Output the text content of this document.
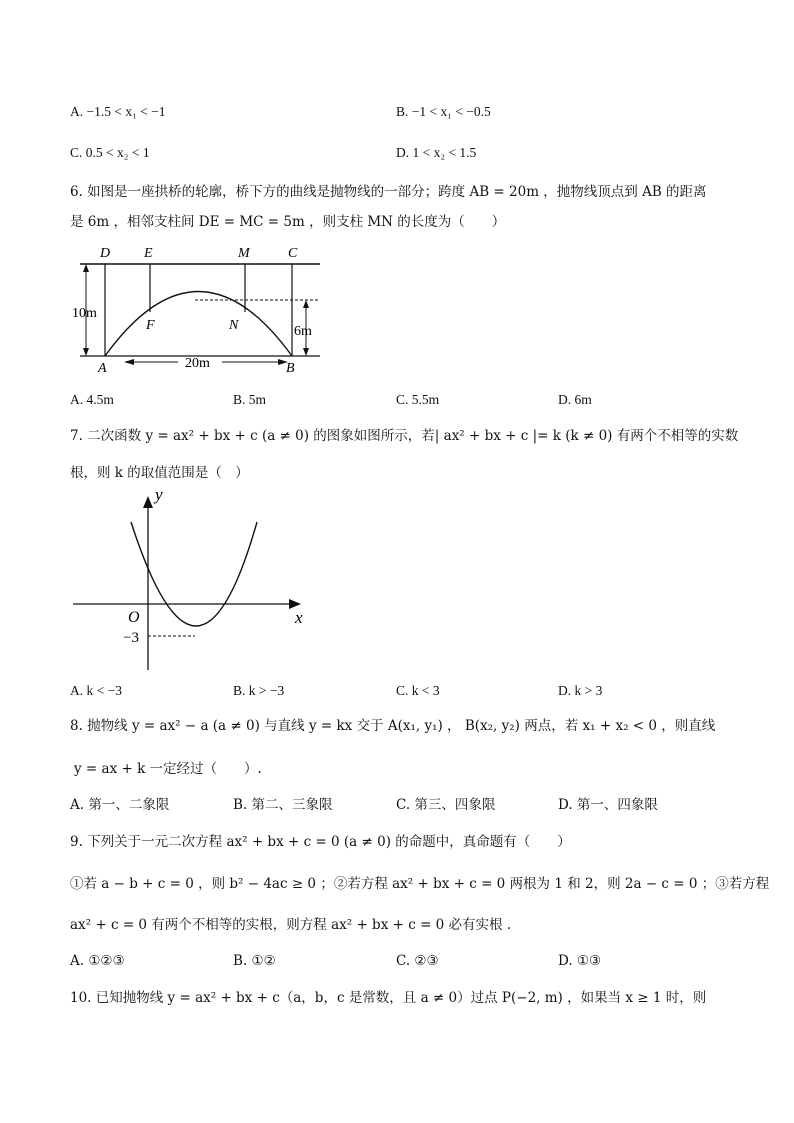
A. −1.5 < x₁ < −1	B. −1 < x₁ < −0.5
C. 0.5 < x₂ < 1	D. 1 < x₂ < 1.5
6. 如图是一座拱桥的轮廓，桥下方的曲线是抛物线的一部分；跨度 AB = 20m ，抛物线顶点到 AB 的距离
是 6m ，相邻支柱间 DE = MC = 5m ，则支柱 MN 的长度为（　　）
D E	M	C
F	N
A	B
10m
6m
20m
A. 4.5m	B. 5m	C. 5.5m	D. 6m
7. 二次函数 y = ax² + bx + c (a ≠ 0) 的图象如图所示，若| ax² + bx + c |= k (k ≠ 0) 有两个不相等的实数
根，则 k 的取值范围是（　）
y
x
O
−3
A. k < −3	B. k > −3	C. k < 3	D. k > 3
8. 抛物线 y = ax² − a (a ≠ 0) 与直线 y = kx 交于 A(x₁, y₁) ， B(x₂, y₂) 两点，若 x₁ + x₂ < 0 ，则直线
y = ax + k 一定经过（　　）.
A. 第一、二象限	B. 第二、三象限	C. 第三、四象限	D. 第一、四象限
9. 下列关于一元二次方程 ax² + bx + c = 0 (a ≠ 0) 的命题中，真命题有（　　）
①若 a − b + c = 0 ，则 b² − 4ac ≥ 0 ；②若方程 ax² + bx + c = 0 两根为 1 和 2，则 2a − c = 0 ；③若方程
ax² + c = 0 有两个不相等的实根，则方程 ax² + bx + c = 0 必有实根 .
A. ①②③	B. ①②	C. ②③	D. ①③
10. 已知抛物线 y = ax² + bx + c（a，b，c 是常数，且 a ≠ 0）过点 P(−2, m) ，如果当 x ≥ 1 时，则
